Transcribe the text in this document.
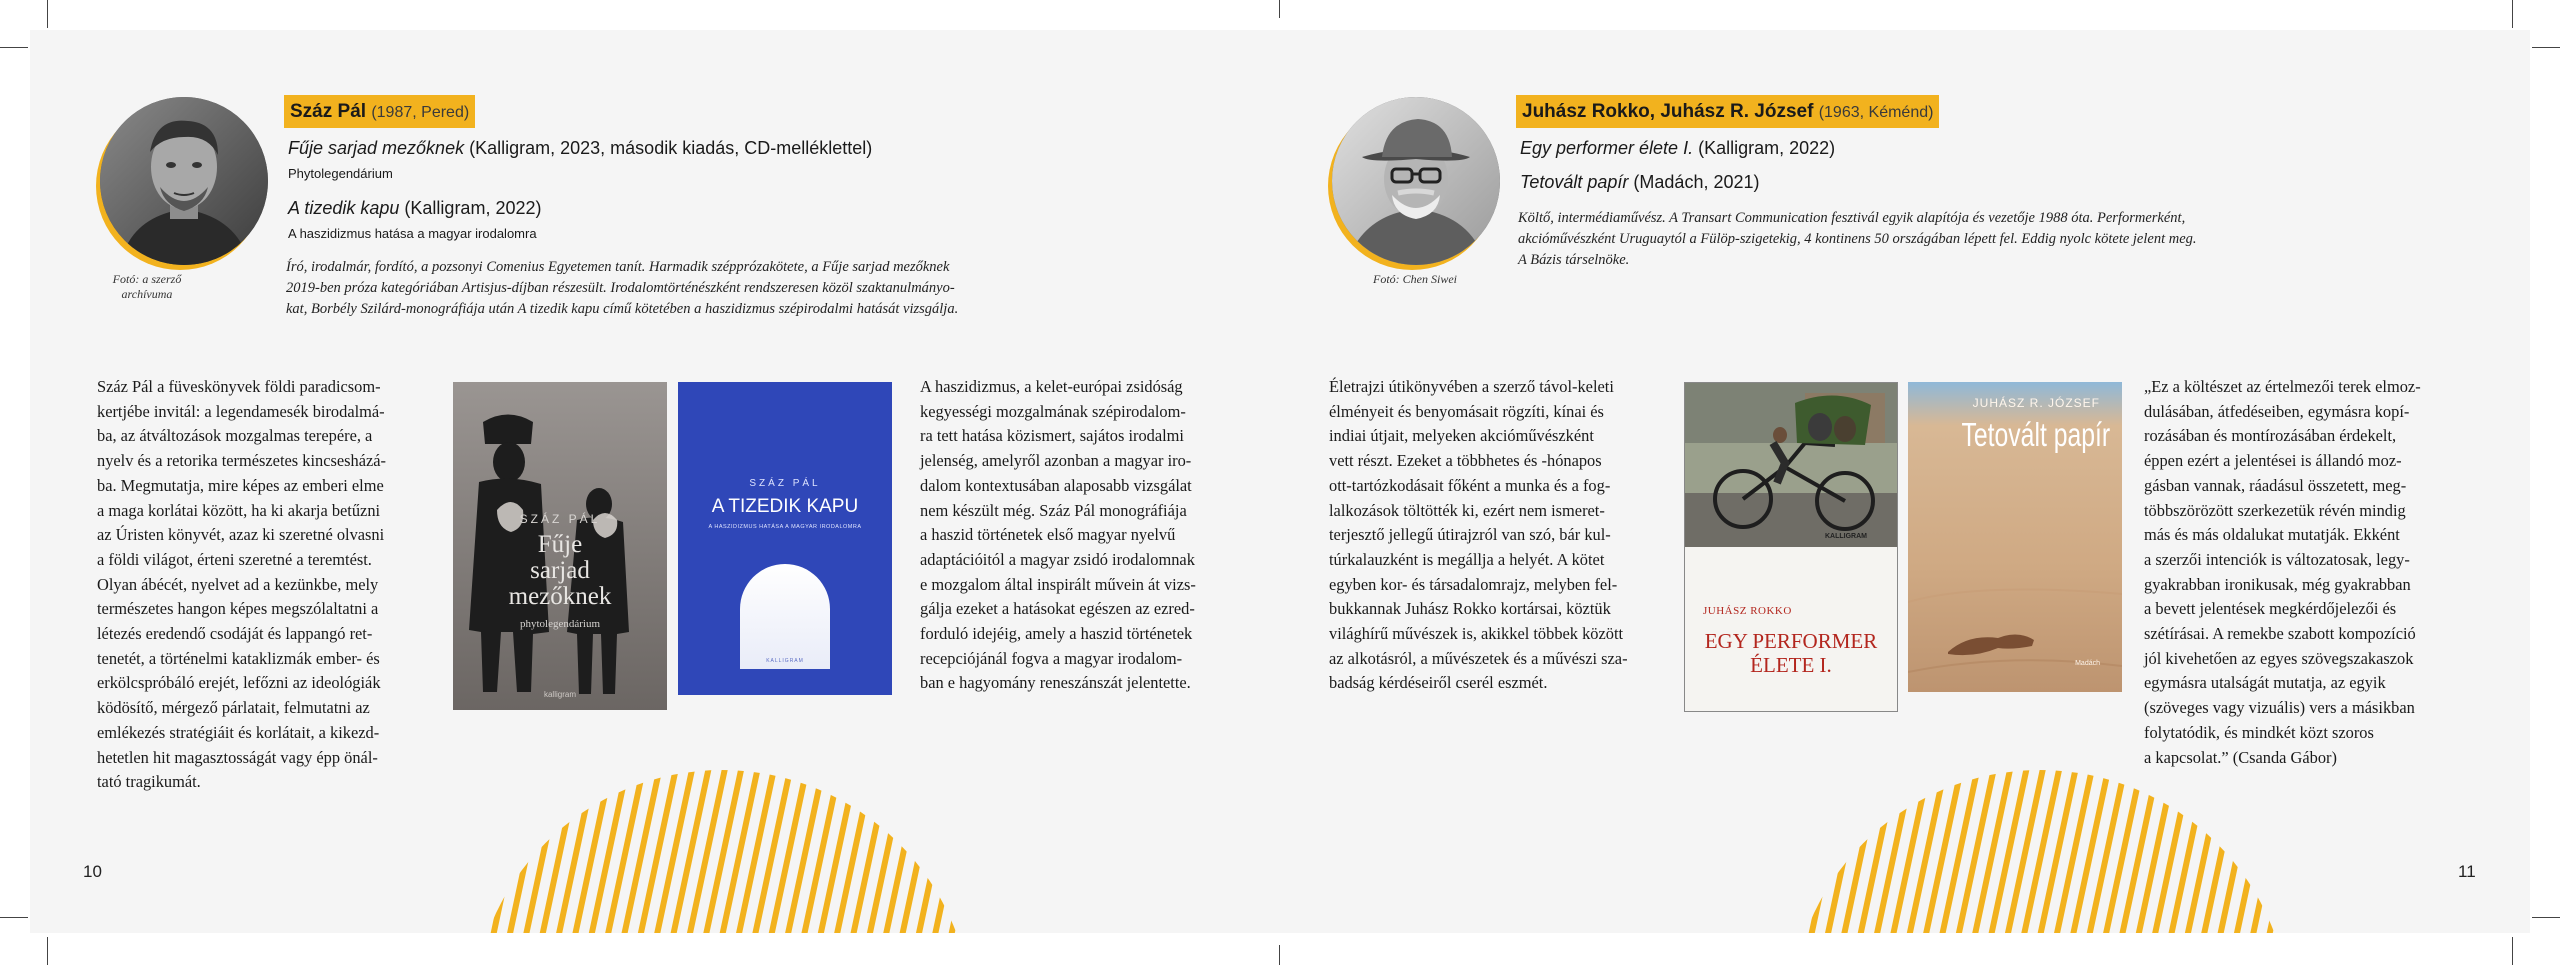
Fotó: a szerző
archívuma
Száz Pál (1987, Pered)
Fűje sarjad mezőknek (Kalligram, 2023, második kiadás, CD-melléklettel)
Phytolegendárium
A tizedik kapu (Kalligram, 2022)
A haszidizmus hatása a magyar irodalomra
Író, irodalmár, fordító, a pozsonyi Comenius Egyetemen tanít. Harmadik szépprózakötete, a Fűje sarjad mezőknek
2019-ben próza kategóriában Artisjus-díjban részesült. Irodalomtörténészként rendszeresen közöl szaktanulmányo-
kat, Borbély Szilárd-monográfiája után A tizedik kapu című kötetében a haszidizmus szépirodalmi hatását vizsgálja.
Száz Pál a füveskönyvek földi paradicsom-
kertjébe invitál: a legendamesék birodalmá-
ba, az átváltozások mozgalmas terepére, a
nyelv és a retorika természetes kincsesházá-
ba. Megmutatja, mire képes az emberi elme
a maga korlátai között, ha ki akarja betűzni
az Úristen könyvét, azaz ki szeretné olvasni
a földi világot, érteni szeretné a teremtést.
Olyan ábécét, nyelvet ad a kezünkbe, mely
természetes hangon képes megszólaltatni a
létezés eredendő csodáját és lappangó ret-
tenetét, a történelmi kataklizmák ember- és
erkölcspróbáló erejét, lefőzni az ideológiák
ködösítő, mérgező párlatait, felmutatni az
emlékezés stratégiáit és korlátait, a kikezd-
hetetlen hit magasztosságát vagy épp önál-
tató tragikumát.
SZÁZ PÁL
Fűje
sarjad
mezőknek
phytolegendárium
kalligram
SZÁZ PÁL
A TIZEDIK KAPU
A HASZIDIZMUS HATÁSA A MAGYAR IRODALOMRA
KALLIGRAM
A haszidizmus, a kelet-európai zsidóság
kegyességi mozgalmának szépirodalom-
ra tett hatása közismert, sajátos irodalmi
jelenség, amelyről azonban a magyar iro-
dalom kontextusában alaposabb vizsgálat
nem készült még. Száz Pál monográfiája
a haszid történetek első magyar nyelvű
adaptációitól a magyar zsidó irodalomnak
e mozgalom által inspirált művein át vizs-
gálja ezeket a hatásokat egészen az ezred-
forduló idejéig, amely a haszid történetek
recepciójánál fogva a magyar irodalom-
ban e hagyomány reneszánszát jelentette.
10
Fotó: Chen Siwei
Juhász Rokko, Juhász R. József (1963, Kéménd)
Egy performer élete I. (Kalligram, 2022)
Tetovált papír (Madách, 2021)
Költő, intermédiaművész. A Transart Communication fesztivál egyik alapítója és vezetője 1988 óta. Performerként,
akcióművészként Uruguaytól a Fülöp-szigetekig, 4 kontinens 50 országában lépett fel. Eddig nyolc kötete jelent meg.
A Bázis társelnöke.
Életrajzi útikönyvében a szerző távol-keleti
élményeit és benyomásait rögzíti, kínai és
indiai útjait, melyeken akcióművészként
vett részt. Ezeket a többhetes és -hónapos
ott-tartózkodásait főként a munka és a fog-
lalkozások töltötték ki, ezért nem ismeret-
terjesztő jellegű útirajzról van szó, bár kul-
túrkalauzként is megállja a helyét. A kötet
egyben kor- és társadalomrajz, melyben fel-
bukkannak Juhász Rokko kortársai, köztük
világhírű művészek is, akikkel többek között
az alkotásról, a művészetek és a művészi sza-
badság kérdéseiről cserél eszmét.
KALLIGRAM
JUHÁSZ ROKKO
EGY PERFORMER
ÉLETE I.
JUHÁSZ R. JÓZSEF
Tetovált papír
Madách
„Ez a költészet az értelmezői terek elmoz-
dulásában, átfedéseiben, egymásra kopí-
rozásában és montírozásában érdekelt,
éppen ezért a jelentései is állandó moz-
gásban vannak, ráadásul összetett, meg-
többszörözött szerkezetük révén mindig
más és más oldalukat mutatják. Ekként
a szerzői intenciók is változatosak, legy-
gyakrabban ironikusak, még gyakrabban
a bevett jelentések megkérdőjelezői és
szétírásai. A remekbe szabott kompozíció
jól kivehetően az egyes szövegszakaszok
egymásra utalságát mutatja, az egyik
(szöveges vagy vizuális) vers a másikban
folytatódik, és mindkét közt szoros
a kapcsolat.” (Csanda Gábor)
11
